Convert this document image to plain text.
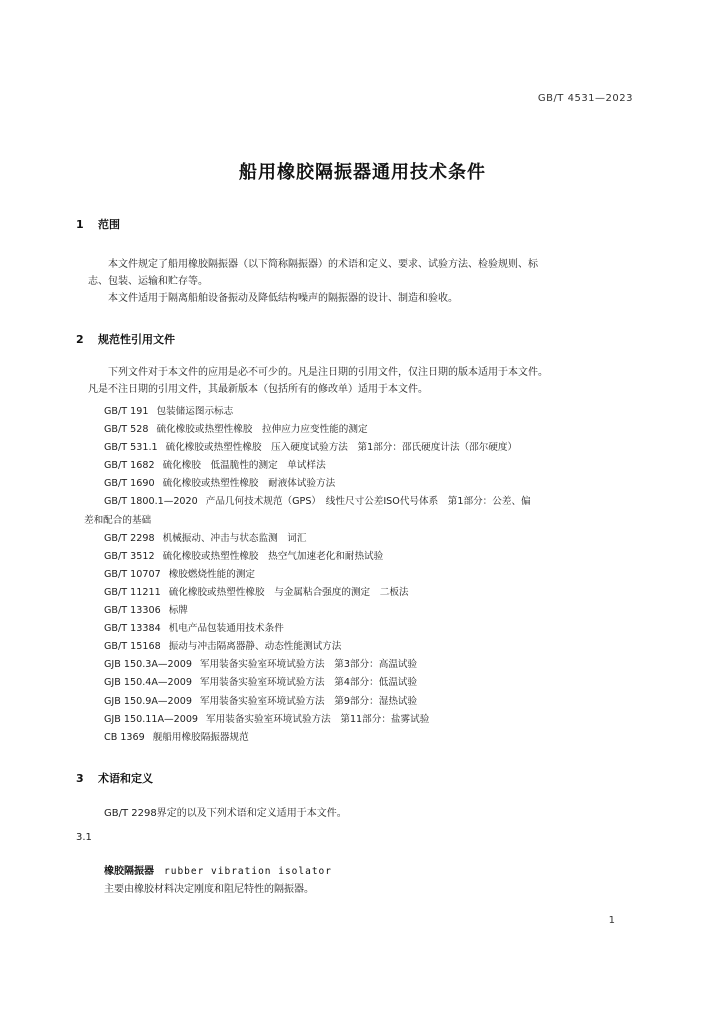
GB/T 4531—2023
船用橡胶隔振器通用技术条件
1 范围
本文件规定了船用橡胶隔振器（以下简称隔振器）的术语和定义、要求、试验方法、检验规则、标
志、包装、运输和贮存等。
本文件适用于隔离船舶设备振动及降低结构噪声的隔振器的设计、制造和验收。
2 规范性引用文件
下列文件对于本文件的应用是必不可少的。凡是注日期的引用文件，仅注日期的版本适用于本文件。
凡是不注日期的引用文件，其最新版本（包括所有的修改单）适用于本文件。
GB/T 191 包装储运图示标志
GB/T 528 硫化橡胶或热塑性橡胶　拉伸应力应变性能的测定
GB/T 531.1 硫化橡胶或热塑性橡胶　压入硬度试验方法　第1部分：邵氏硬度计法（邵尔硬度）
GB/T 1682 硫化橡胶　低温脆性的测定　单试样法
GB/T 1690 硫化橡胶或热塑性橡胶　耐液体试验方法
GB/T 1800.1—2020 产品几何技术规范（GPS）　线性尺寸公差ISO代号体系　第1部分：公差、偏
差和配合的基础
GB/T 2298 机械振动、冲击与状态监测　词汇
GB/T 3512 硫化橡胶或热塑性橡胶　热空气加速老化和耐热试验
GB/T 10707 橡胶燃烧性能的测定
GB/T 11211 硫化橡胶或热塑性橡胶　与金属粘合强度的测定　二板法
GB/T 13306 标牌
GB/T 13384 机电产品包装通用技术条件
GB/T 15168 振动与冲击隔离器静、动态性能测试方法
GJB 150.3A—2009 军用装备实验室环境试验方法　第3部分：高温试验
GJB 150.4A—2009 军用装备实验室环境试验方法　第4部分：低温试验
GJB 150.9A—2009 军用装备实验室环境试验方法　第9部分：湿热试验
GJB 150.11A—2009 军用装备实验室环境试验方法　第11部分：盐雾试验
CB 1369 舰船用橡胶隔振器规范
3 术语和定义
GB/T 2298界定的以及下列术语和定义适用于本文件。
3.1
橡胶隔振器 rubber vibration isolator
主要由橡胶材料决定刚度和阻尼特性的隔振器。
1
